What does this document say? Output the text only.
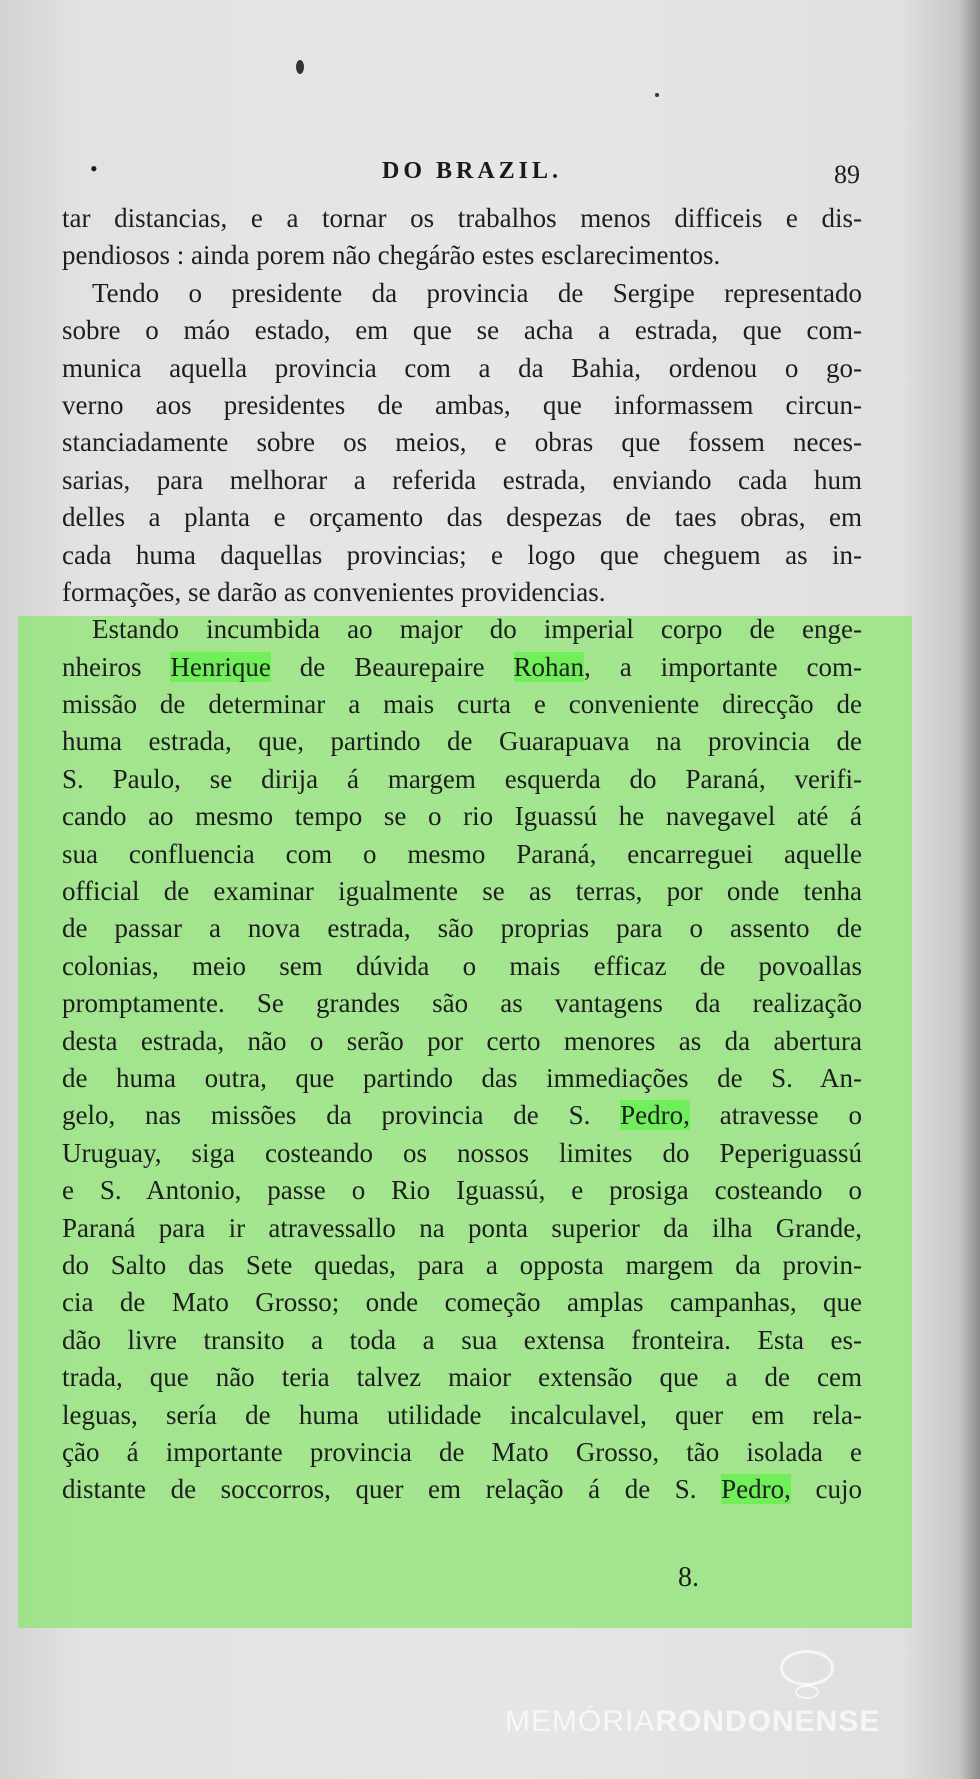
•	DO BRAZIL.	89
tar distancias, e a tornar os trabalhos menos difficeis e dis-
pendiosos : ainda porem não chegárão estes esclarecimentos.
Tendo o presidente da provincia de Sergipe representado
sobre o máo estado, em que se acha a estrada, que com-
munica aquella provincia com a da Bahia, ordenou o go-
verno aos presidentes de ambas, que informassem circun-
stanciadamente sobre os meios, e obras que fossem neces-
sarias, para melhorar a referida estrada, enviando cada hum
delles a planta e orçamento das despezas de taes obras, em
cada huma daquellas provincias; e logo que cheguem as in-
formações, se darão as convenientes providencias.
Estando incumbida ao major do imperial corpo de enge-
nheiros Henrique de Beaurepaire Rohan, a importante com-
missão de determinar a mais curta e conveniente direcção de
huma estrada, que, partindo de Guarapuava na provincia de
S. Paulo, se dirija á margem esquerda do Paraná, verifi-
cando ao mesmo tempo se o rio Iguassú he navegavel até á
sua confluencia com o mesmo Paraná, encarreguei aquelle
official de examinar igualmente se as terras, por onde tenha
de passar a nova estrada, são proprias para o assento de
colonias, meio sem dúvida o mais efficaz de povoallas
promptamente. Se grandes são as vantagens da realização
desta estrada, não o serão por certo menores as da abertura
de huma outra, que partindo das immediações de S. An-
gelo, nas missões da provincia de S. Pedro, atravesse o
Uruguay, siga costeando os nossos limites do Peperiguassú
e S. Antonio, passe o Rio Iguassú, e prosiga costeando o
Paraná para ir atravessallo na ponta superior da ilha Grande,
do Salto das Sete quedas, para a opposta margem da provin-
cia de Mato Grosso; onde começão amplas campanhas, que
dão livre transito a toda a sua extensa fronteira. Esta es-
trada, que não teria talvez maior extensão que a de cem
leguas, sería de huma utilidade incalculavel, quer em rela-
ção á importante provincia de Mato Grosso, tão isolada e
distante de soccorros, quer em relação á de S. Pedro, cujo
8.
MEMÓRIARONDONENSE
